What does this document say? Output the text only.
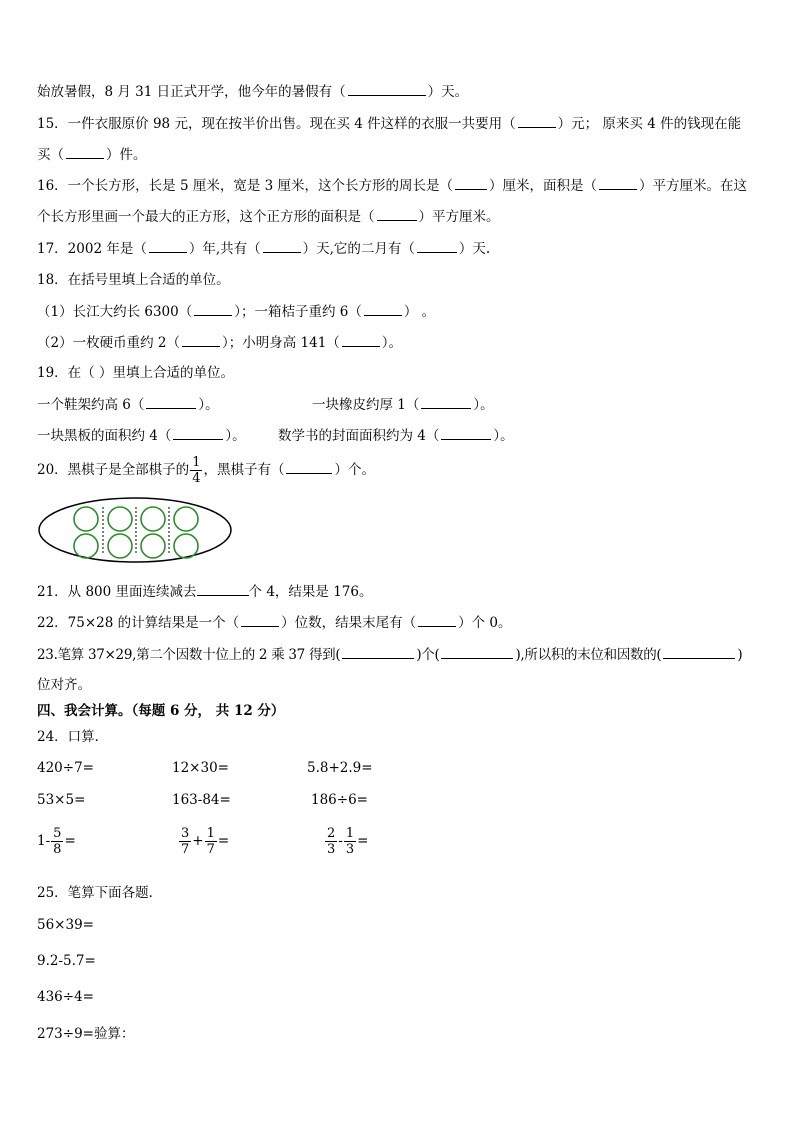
始放暑假，8 月 31 日正式开学，他今年的暑假有（	）天。
15．一件衣服原价 98 元，现在按半价出售。现在买 4 件这样的衣服一共要用（	）元； 原来买 4 件的钱现在能
买（	）件。
16．一个长方形，长是 5 厘米，宽是 3 厘米，这个长方形的周长是（	）厘米，面积是（	）平方厘米。在这
个长方形里画一个最大的正方形，这个正方形的面积是（	）平方厘米。
17．2002 年是（	）年,共有（	）天,它的二月有（	）天.
18．在括号里填上合适的单位。
（1）长江大约长 6300（	）；一箱桔子重约 6（	） 。
（2）一枚硬币重约 2（	）；小明身高 141（	）。
19．在（ ）里填上合适的单位。
一个鞋架约高 6（	）。	一块橡皮约厚 1（	）。
一块黑板的面积约 4（	）。 数学书的封面面积约为 4（	）。
20．黑棋子是全部棋子的 $\frac{1}{4}$ ，黑棋子有（	）个。
21．从 800 里面连续减去	个 4，结果是 176。
22．75×28 的计算结果是一个（	）位数，结果末尾有（	）个 0。
23.笔算 37×29,第二个因数十位上的 2 乘 37 得到(	)个(	),所以积的末位和因数的(	)
位对齐。
四、我会计算。（每题 6 分， 共 12 分）
24．口算．
420÷7=	12×30=	5.8+2.9=
53×5=	163-84=	186÷6=
$1- \frac{5}{8}$ =	$\frac{3}{7} + \frac{1}{7}$ =	$\frac{2}{3} - \frac{1}{3}$ =
25．笔算下面各题．
56×39=
9.2-5.7=
436÷4=
273÷9=验算：
